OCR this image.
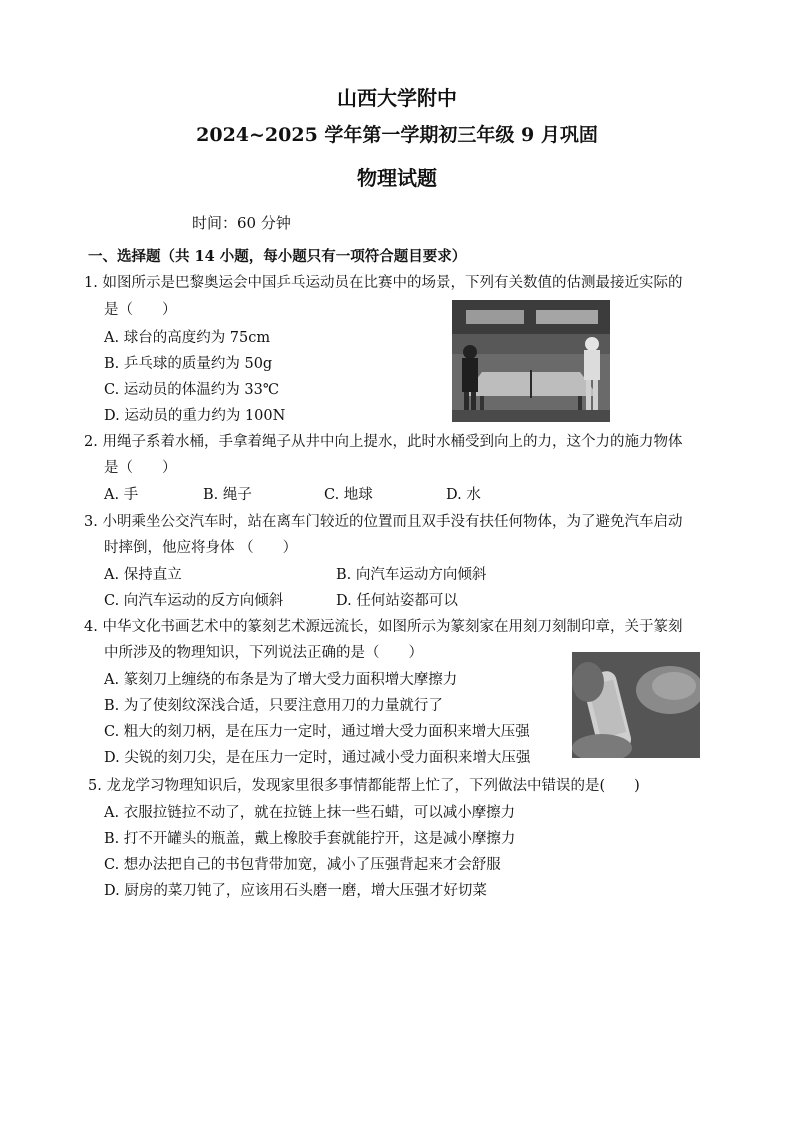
山西大学附中
2024~2025 学年第一学期初三年级 9 月巩固
物理试题
时间：60 分钟
一、选择题（共 14 小题，每小题只有一项符合题目要求）
1. 如图所示是巴黎奥运会中国乒乓运动员在比赛中的场景，下列有关数值的估测最接近实际的
是（　　）
A. 球台的高度约为 75cm
B. 乒乓球的质量约为 50g
C. 运动员的体温约为 33℃
D. 运动员的重力约为 100N
2. 用绳子系着水桶，手拿着绳子从井中向上提水，此时水桶受到向上的力，这个力的施力物体
是（　　）
A. 手	B. 绳子	C. 地球	D. 水
3. 小明乘坐公交汽车时，站在离车门较近的位置而且双手没有扶任何物体，为了避免汽车启动
时摔倒，他应将身体 （　　）
A. 保持直立	B. 向汽车运动方向倾斜
C. 向汽车运动的反方向倾斜	D. 任何站姿都可以
4. 中华文化书画艺术中的篆刻艺术源远流长，如图所示为篆刻家在用刻刀刻制印章，关于篆刻
中所涉及的物理知识，下列说法正确的是（　　）
A. 篆刻刀上缠绕的布条是为了增大受力面积增大摩擦力
B. 为了使刻纹深浅合适，只要注意用刀的力量就行了
C. 粗大的刻刀柄，是在压力一定时，通过增大受力面积来增大压强
D. 尖锐的刻刀尖，是在压力一定时，通过减小受力面积来增大压强
5. 龙龙学习物理知识后，发现家里很多事情都能帮上忙了，下列做法中错误的是(　　)
A. 衣服拉链拉不动了，就在拉链上抹一些石蜡，可以减小摩擦力
B. 打不开罐头的瓶盖，戴上橡胶手套就能拧开，这是减小摩擦力
C. 想办法把自己的书包背带加宽，减小了压强背起来才会舒服
D. 厨房的菜刀钝了，应该用石头磨一磨，增大压强才好切菜
